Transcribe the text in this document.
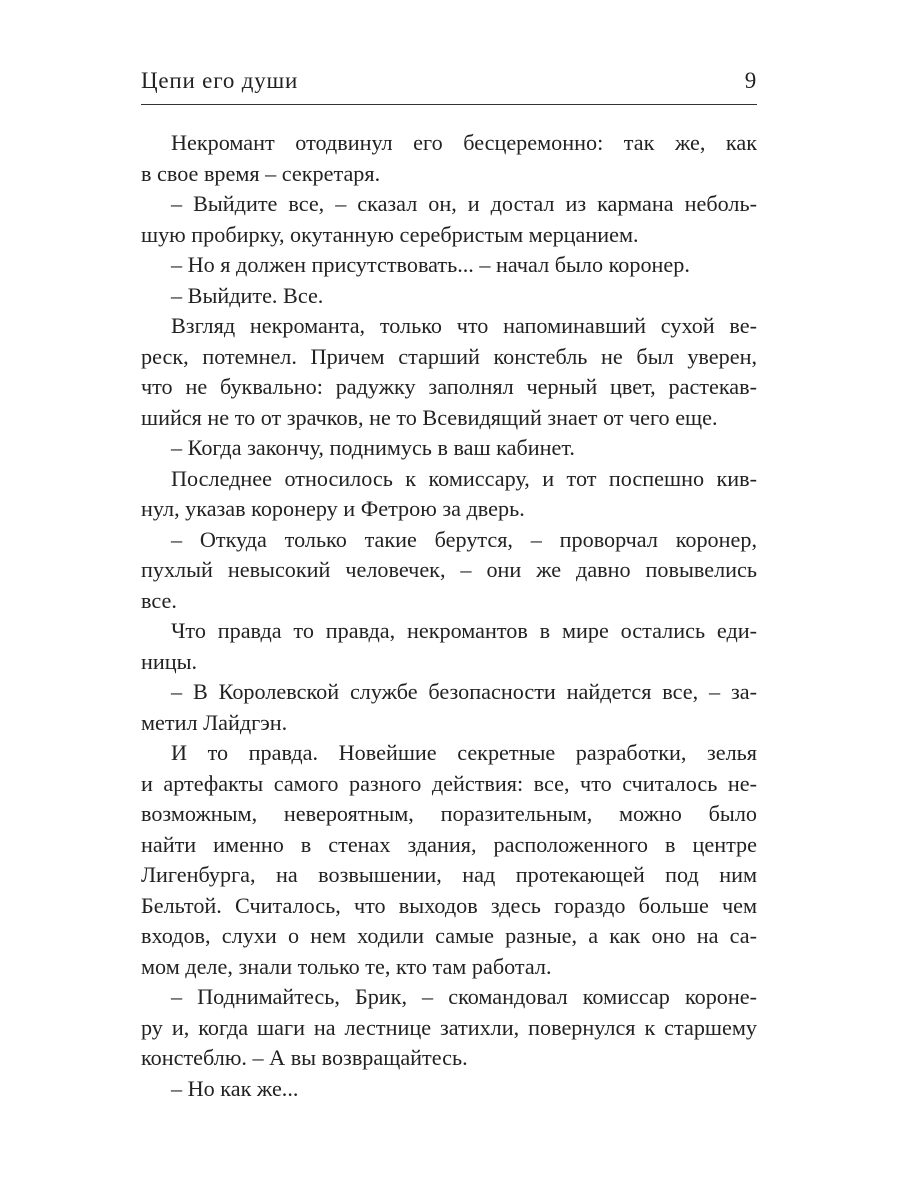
Цепи его души	9
Некромант отодвинул его бесцеремонно: так же, как
в свое время – секретаря.
– Выйдите все, – сказал он, и достал из кармана неболь-
шую пробирку, окутанную серебристым мерцанием.
– Но я должен присутствовать... – начал было коронер.
– Выйдите. Все.
Взгляд некроманта, только что напоминавший сухой ве-
реск, потемнел. Причем старший констебль не был уверен,
что не буквально: радужку заполнял черный цвет, растекав-
шийся не то от зрачков, не то Всевидящий знает от чего еще.
– Когда закончу, поднимусь в ваш кабинет.
Последнее относилось к комиссару, и тот поспешно кив-
нул, указав коронеру и Фетрою за дверь.
– Откуда только такие берутся, – проворчал коронер,
пухлый невысокий человечек, – они же давно повывелись
все.
Что правда то правда, некромантов в мире остались еди-
ницы.
– В Королевской службе безопасности найдется все, – за-
метил Лайдгэн.
И то правда. Новейшие секретные разработки, зелья
и артефакты самого разного действия: все, что считалось не-
возможным, невероятным, поразительным, можно было
найти именно в стенах здания, расположенного в центре
Лигенбурга, на возвышении, над протекающей под ним
Бельтой. Считалось, что выходов здесь гораздо больше чем
входов, слухи о нем ходили самые разные, а как оно на са-
мом деле, знали только те, кто там работал.
– Поднимайтесь, Брик, – скомандовал комиссар короне-
ру и, когда шаги на лестнице затихли, повернулся к старшему
констеблю. – А вы возвращайтесь.
– Но как же...
